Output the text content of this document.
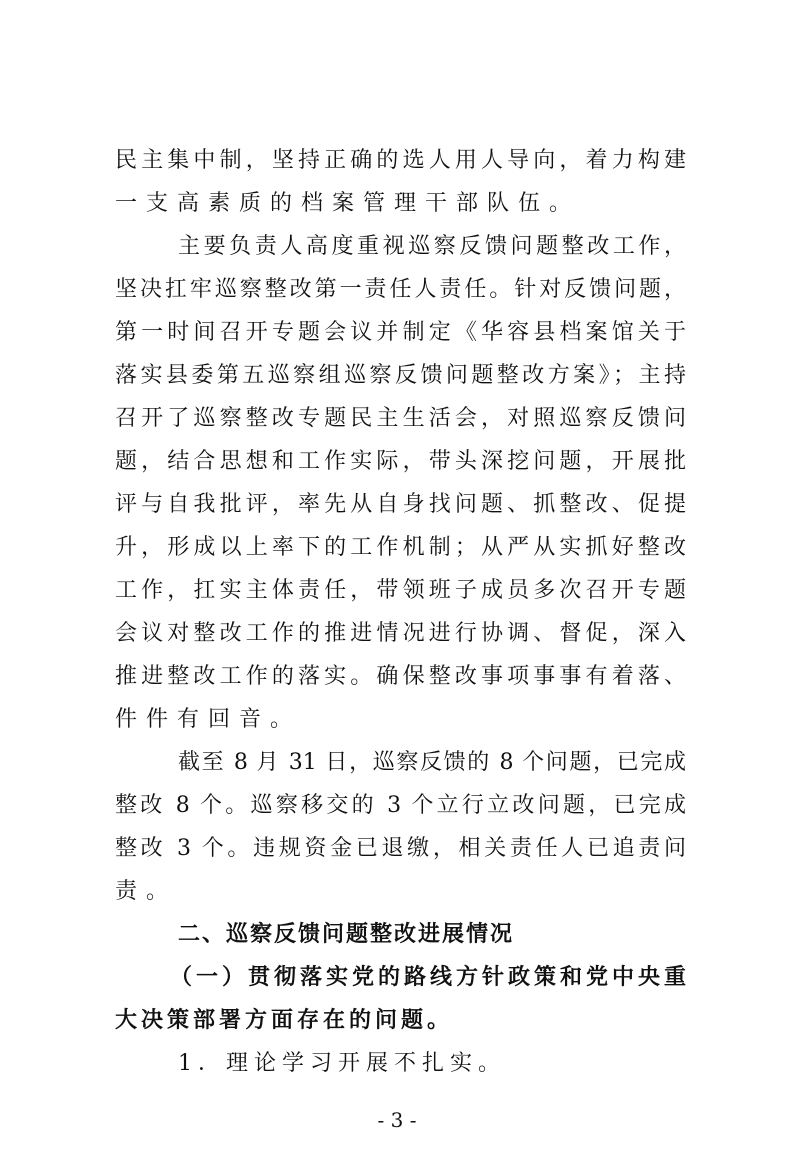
民主集中制，坚持正确的选人用人导向，着力构建
一支高素质的档案管理干部队伍。
主要负责人高度重视巡察反馈问题整改工作，
坚决扛牢巡察整改第一责任人责任。针对反馈问题，
第一时间召开专题会议并制定《华容县档案馆关于
落实县委第五巡察组巡察反馈问题整改方案》；主持
召开了巡察整改专题民主生活会，对照巡察反馈问
题，结合思想和工作实际，带头深挖问题，开展批
评与自我批评，率先从自身找问题、抓整改、促提
升，形成以上率下的工作机制；从严从实抓好整改
工作，扛实主体责任，带领班子成员多次召开专题
会议对整改工作的推进情况进行协调、督促，深入
推进整改工作的落实。确保整改事项事事有着落、
件件有回音。
截至 8 月 31 日，巡察反馈的 8 个问题，已完成
整改 8 个。巡察移交的 3 个立行立改问题，已完成
整改 3 个。违规资金已退缴，相关责任人已追责问
责。
二、巡察反馈问题整改进展情况
（一）贯彻落实党的路线方针政策和党中央重
大决策部署方面存在的问题。
1．理论学习开展不扎实。
- 3 -
